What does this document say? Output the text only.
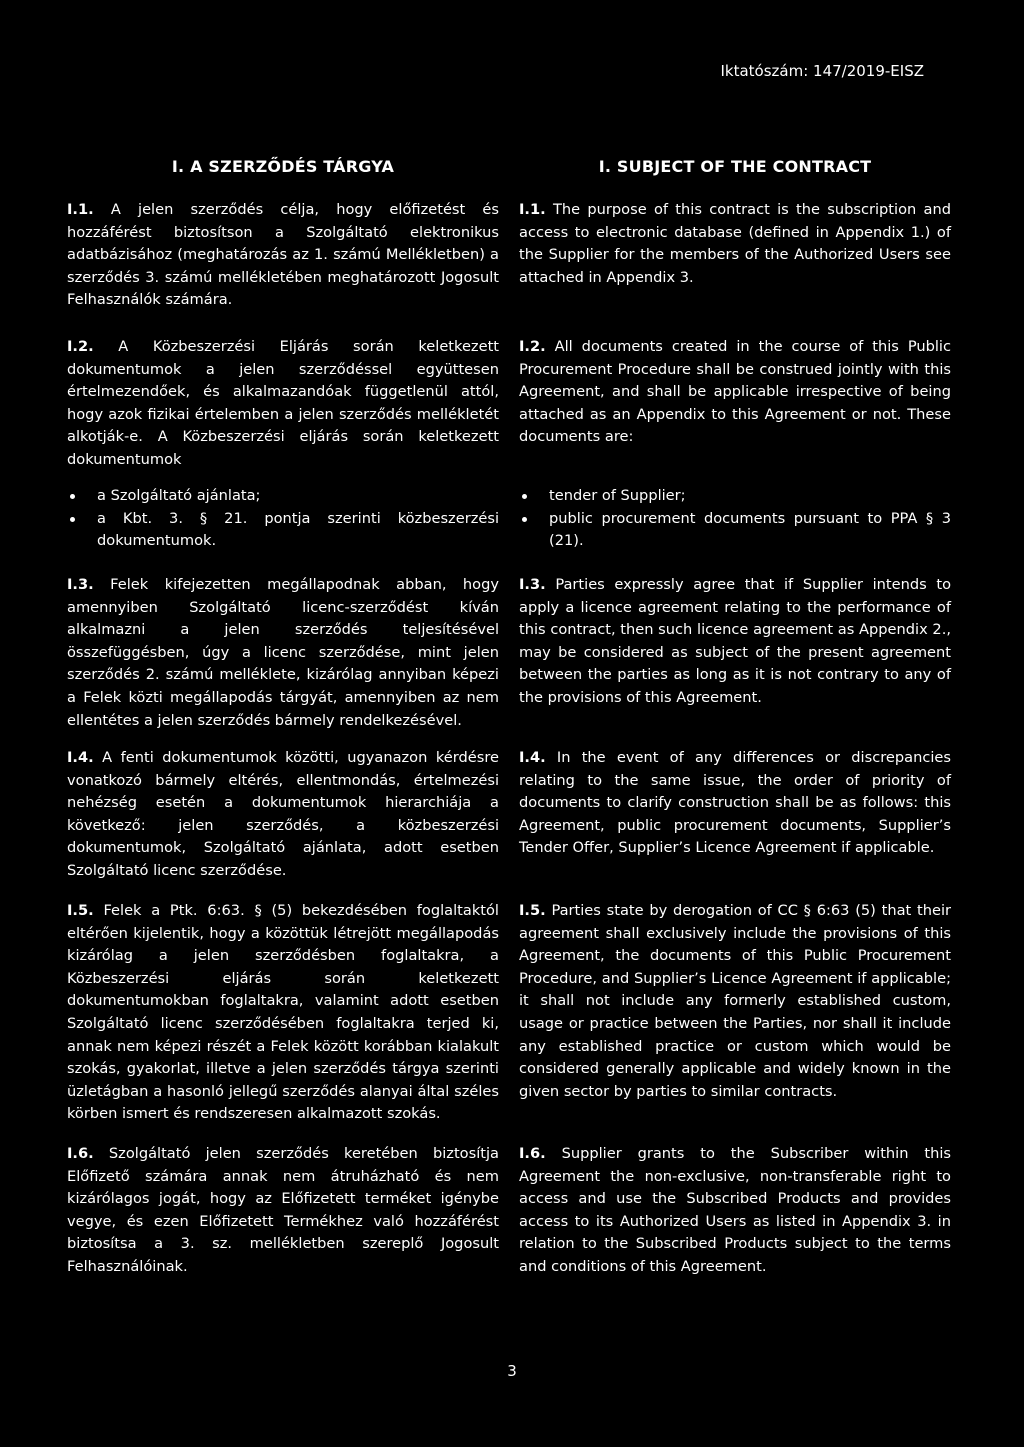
Iktatószám: 147/2019-EISZ
I. A SZERZŐDÉS TÁRGYA	I. SUBJECT OF THE CONTRACT
I.1. A jelen szerződés célja, hogy előfizetést és hozzáférést biztosítson a Szolgáltató elektronikus adatbázisához (meghatározás az 1. számú Mellékletben) a szerződés 3. számú mellékletében meghatározott Jogosult Felhasználók számára.
I.2. A Közbeszerzési Eljárás során keletkezett dokumentumok a jelen szerződéssel együttesen értelmezendőek, és alkalmazandóak függetlenül attól, hogy azok fizikai értelemben a jelen szerződés mellékletét alkotják-e. A Közbeszerzési eljárás során keletkezett dokumentumok
a Szolgáltató ajánlata;
a Kbt. 3. § 21. pontja szerinti közbeszerzési dokumentumok.
I.3. Felek kifejezetten megállapodnak abban, hogy amennyiben Szolgáltató licenc-szerződést kíván alkalmazni a jelen szerződés teljesítésével összefüggésben, úgy a licenc szerződése, mint jelen szerződés 2. számú melléklete, kizárólag annyiban képezi a Felek közti megállapodás tárgyát, amennyiben az nem ellentétes a jelen szerződés bármely rendelkezésével.
I.4. A fenti dokumentumok közötti, ugyanazon kérdésre vonatkozó bármely eltérés, ellentmondás, értelmezési nehézség esetén a dokumentumok hierarchiája a következő: jelen szerződés, a közbeszerzési dokumentumok, Szolgáltató ajánlata, adott esetben Szolgáltató licenc szerződése.
I.5. Felek a Ptk. 6:63. § (5) bekezdésében foglaltaktól eltérően kijelentik, hogy a közöttük létrejött megállapodás kizárólag a jelen szerződésben foglaltakra, a Közbeszerzési eljárás során keletkezett dokumentumokban foglaltakra, valamint adott esetben Szolgáltató licenc szerződésében foglaltakra terjed ki, annak nem képezi részét a Felek között korábban kialakult szokás, gyakorlat, illetve a jelen szerződés tárgya szerinti üzletágban a hasonló jellegű szerződés alanyai által széles körben ismert és rendszeresen alkalmazott szokás.
I.6. Szolgáltató jelen szerződés keretében biztosítja Előfizető számára annak nem átruházható és nem kizárólagos jogát, hogy az Előfizetett terméket igénybe vegye, és ezen Előfizetett Termékhez való hozzáférést biztosítsa a 3. sz. mellékletben szereplő Jogosult Felhasználóinak.
I.1. The purpose of this contract is the subscription and access to electronic database (defined in Appendix 1.) of the Supplier for the members of the Authorized Users see attached in Appendix 3.
I.2. All documents created in the course of this Public Procurement Procedure shall be construed jointly with this Agreement, and shall be applicable irrespective of being attached as an Appendix to this Agreement or not. These documents are:
tender of Supplier;
public procurement documents pursuant to PPA § 3 (21).
I.3. Parties expressly agree that if Supplier intends to apply a licence agreement relating to the performance of this contract, then such licence agreement as Appendix 2., may be considered as subject of the present agreement between the parties as long as it is not contrary to any of the provisions of this Agreement.
I.4. In the event of any differences or discrepancies relating to the same issue, the order of priority of documents to clarify construction shall be as follows: this Agreement, public procurement documents, Supplier’s Tender Offer, Supplier’s Licence Agreement if applicable.
I.5. Parties state by derogation of CC § 6:63 (5) that their agreement shall exclusively include the provisions of this Agreement, the documents of this Public Procurement Procedure, and Supplier’s Licence Agreement if applicable; it shall not include any formerly established custom, usage or practice between the Parties, nor shall it include any established practice or custom which would be considered generally applicable and widely known in the given sector by parties to similar contracts.
I.6. Supplier grants to the Subscriber within this Agreement the non-exclusive, non-transferable right to access and use the Subscribed Products and provides access to its Authorized Users as listed in Appendix 3. in relation to the Subscribed Products subject to the terms and conditions of this Agreement.
3
